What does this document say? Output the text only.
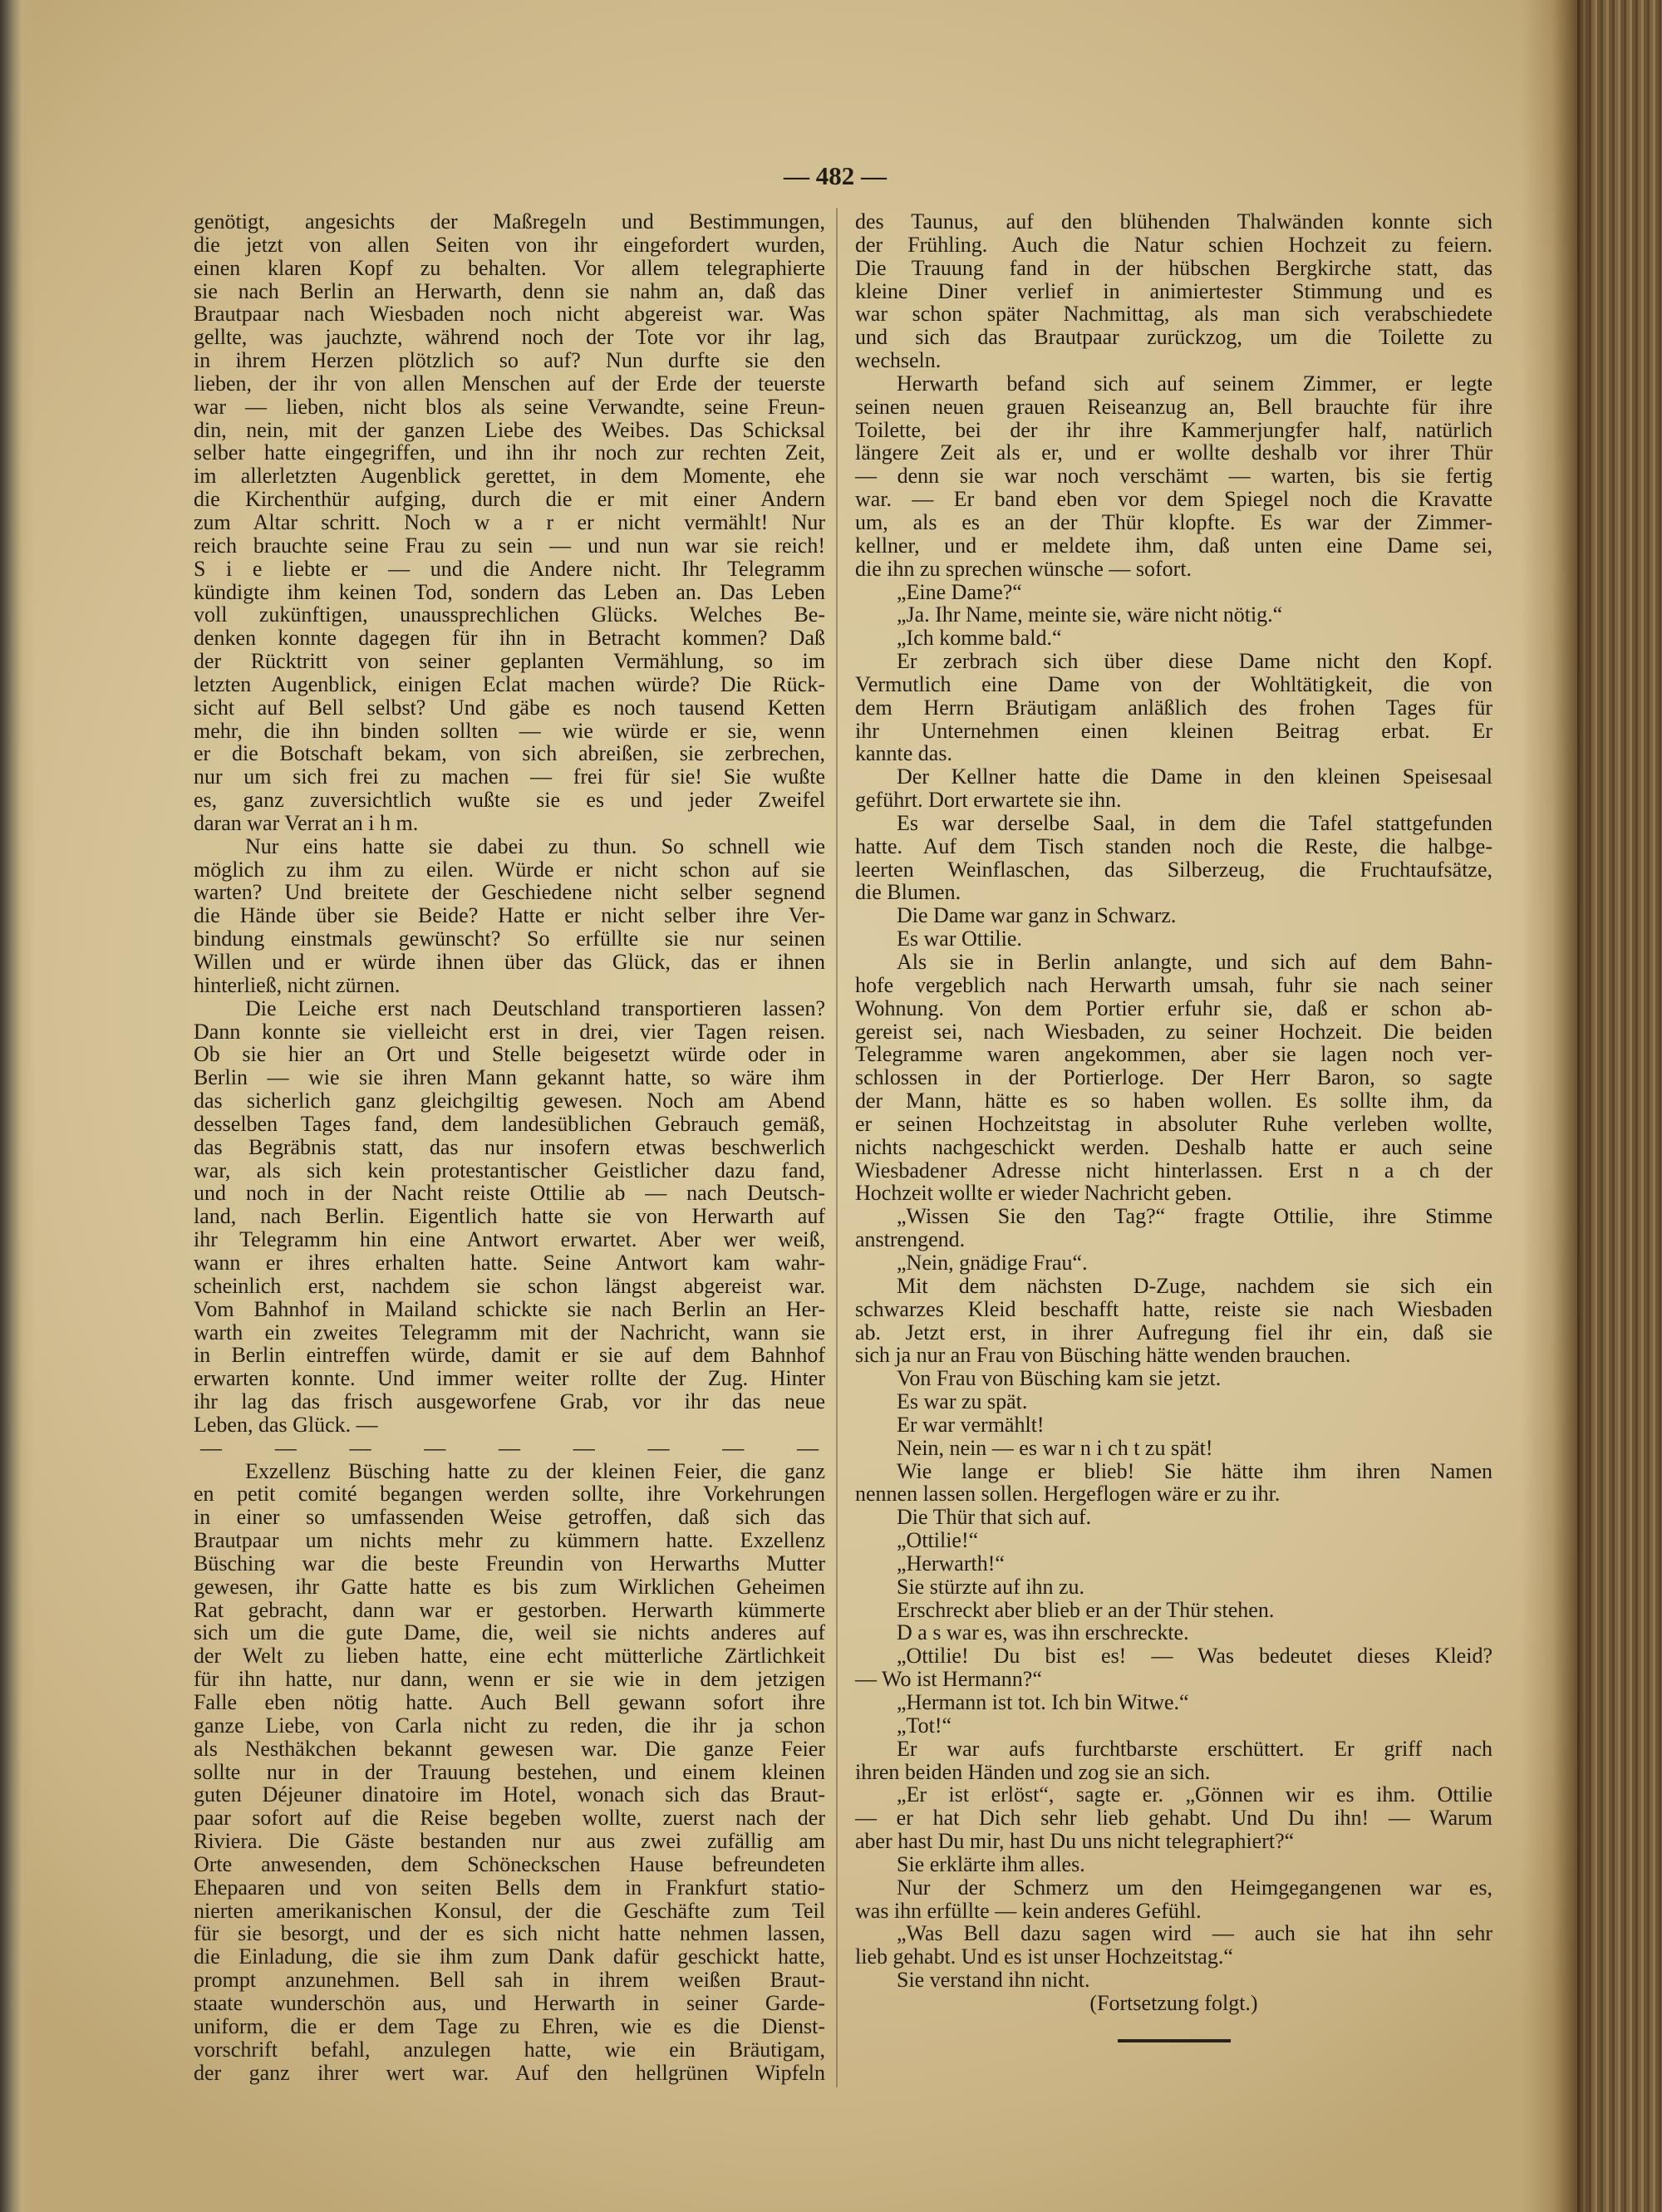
— 482 —
genötigt, angesichts der Maßregeln und Bestimmungen,
die jetzt von allen Seiten von ihr eingefordert wurden,
einen klaren Kopf zu behalten. Vor allem telegraphierte
sie nach Berlin an Herwarth, denn sie nahm an, daß das
Brautpaar nach Wiesbaden noch nicht abgereist war. Was
gellte, was jauchzte, während noch der Tote vor ihr lag,
in ihrem Herzen plötzlich so auf? Nun durfte sie den
lieben, der ihr von allen Menschen auf der Erde der teuerste
war — lieben, nicht blos als seine Verwandte, seine Freun-
din, nein, mit der ganzen Liebe des Weibes. Das Schicksal
selber hatte eingegriffen, und ihn ihr noch zur rechten Zeit,
im allerletzten Augenblick gerettet, in dem Momente, ehe
die Kirchenthür aufging, durch die er mit einer Andern
zum Altar schritt. Noch w a r er nicht vermählt! Nur
reich brauchte seine Frau zu sein — und nun war sie reich!
S i e liebte er — und die Andere nicht. Ihr Telegramm
kündigte ihm keinen Tod, sondern das Leben an. Das Leben
voll zukünftigen, unaussprechlichen Glücks. Welches Be-
denken konnte dagegen für ihn in Betracht kommen? Daß
der Rücktritt von seiner geplanten Vermählung, so im
letzten Augenblick, einigen Eclat machen würde? Die Rück-
sicht auf Bell selbst? Und gäbe es noch tausend Ketten
mehr, die ihn binden sollten — wie würde er sie, wenn
er die Botschaft bekam, von sich abreißen, sie zerbrechen,
nur um sich frei zu machen — frei für sie! Sie wußte
es, ganz zuversichtlich wußte sie es und jeder Zweifel
daran war Verrat an i h m.
Nur eins hatte sie dabei zu thun. So schnell wie
möglich zu ihm zu eilen. Würde er nicht schon auf sie
warten? Und breitete der Geschiedene nicht selber segnend
die Hände über sie Beide? Hatte er nicht selber ihre Ver-
bindung einstmals gewünscht? So erfüllte sie nur seinen
Willen und er würde ihnen über das Glück, das er ihnen
hinterließ, nicht zürnen.
Die Leiche erst nach Deutschland transportieren lassen?
Dann konnte sie vielleicht erst in drei, vier Tagen reisen.
Ob sie hier an Ort und Stelle beigesetzt würde oder in
Berlin — wie sie ihren Mann gekannt hatte, so wäre ihm
das sicherlich ganz gleichgiltig gewesen. Noch am Abend
desselben Tages fand, dem landesüblichen Gebrauch gemäß,
das Begräbnis statt, das nur insofern etwas beschwerlich
war, als sich kein protestantischer Geistlicher dazu fand,
und noch in der Nacht reiste Ottilie ab — nach Deutsch-
land, nach Berlin. Eigentlich hatte sie von Herwarth auf
ihr Telegramm hin eine Antwort erwartet. Aber wer weiß,
wann er ihres erhalten hatte. Seine Antwort kam wahr-
scheinlich erst, nachdem sie schon längst abgereist war.
Vom Bahnhof in Mailand schickte sie nach Berlin an Her-
warth ein zweites Telegramm mit der Nachricht, wann sie
in Berlin eintreffen würde, damit er sie auf dem Bahnhof
erwarten konnte. Und immer weiter rollte der Zug. Hinter
ihr lag das frisch ausgeworfene Grab, vor ihr das neue
Leben, das Glück. —
— — — — — — — — —
Exzellenz Büsching hatte zu der kleinen Feier, die ganz
en petit comité begangen werden sollte, ihre Vorkehrungen
in einer so umfassenden Weise getroffen, daß sich das
Brautpaar um nichts mehr zu kümmern hatte. Exzellenz
Büsching war die beste Freundin von Herwarths Mutter
gewesen, ihr Gatte hatte es bis zum Wirklichen Geheimen
Rat gebracht, dann war er gestorben. Herwarth kümmerte
sich um die gute Dame, die, weil sie nichts anderes auf
der Welt zu lieben hatte, eine echt mütterliche Zärtlichkeit
für ihn hatte, nur dann, wenn er sie wie in dem jetzigen
Falle eben nötig hatte. Auch Bell gewann sofort ihre
ganze Liebe, von Carla nicht zu reden, die ihr ja schon
als Nesthäkchen bekannt gewesen war. Die ganze Feier
sollte nur in der Trauung bestehen, und einem kleinen
guten Déjeuner dinatoire im Hotel, wonach sich das Braut-
paar sofort auf die Reise begeben wollte, zuerst nach der
Riviera. Die Gäste bestanden nur aus zwei zufällig am
Orte anwesenden, dem Schöneckschen Hause befreundeten
Ehepaaren und von seiten Bells dem in Frankfurt statio-
nierten amerikanischen Konsul, der die Geschäfte zum Teil
für sie besorgt, und der es sich nicht hatte nehmen lassen,
die Einladung, die sie ihm zum Dank dafür geschickt hatte,
prompt anzunehmen. Bell sah in ihrem weißen Braut-
staate wunderschön aus, und Herwarth in seiner Garde-
uniform, die er dem Tage zu Ehren, wie es die Dienst-
vorschrift befahl, anzulegen hatte, wie ein Bräutigam,
der ganz ihrer wert war. Auf den hellgrünen Wipfeln
des Taunus, auf den blühenden Thalwänden konnte sich
der Frühling. Auch die Natur schien Hochzeit zu feiern.
Die Trauung fand in der hübschen Bergkirche statt, das
kleine Diner verlief in animiertester Stimmung und es
war schon später Nachmittag, als man sich verabschiedete
und sich das Brautpaar zurückzog, um die Toilette zu
wechseln.
Herwarth befand sich auf seinem Zimmer, er legte
seinen neuen grauen Reiseanzug an, Bell brauchte für ihre
Toilette, bei der ihr ihre Kammerjungfer half, natürlich
längere Zeit als er, und er wollte deshalb vor ihrer Thür
— denn sie war noch verschämt — warten, bis sie fertig
war. — Er band eben vor dem Spiegel noch die Kravatte
um, als es an der Thür klopfte. Es war der Zimmer-
kellner, und er meldete ihm, daß unten eine Dame sei,
die ihn zu sprechen wünsche — sofort.
„Eine Dame?“
„Ja. Ihr Name, meinte sie, wäre nicht nötig.“
„Ich komme bald.“
Er zerbrach sich über diese Dame nicht den Kopf.
Vermutlich eine Dame von der Wohltätigkeit, die von
dem Herrn Bräutigam anläßlich des frohen Tages für
ihr Unternehmen einen kleinen Beitrag erbat. Er
kannte das.
Der Kellner hatte die Dame in den kleinen Speisesaal
geführt. Dort erwartete sie ihn.
Es war derselbe Saal, in dem die Tafel stattgefunden
hatte. Auf dem Tisch standen noch die Reste, die halbge-
leerten Weinflaschen, das Silberzeug, die Fruchtaufsätze,
die Blumen.
Die Dame war ganz in Schwarz.
Es war Ottilie.
Als sie in Berlin anlangte, und sich auf dem Bahn-
hofe vergeblich nach Herwarth umsah, fuhr sie nach seiner
Wohnung. Von dem Portier erfuhr sie, daß er schon ab-
gereist sei, nach Wiesbaden, zu seiner Hochzeit. Die beiden
Telegramme waren angekommen, aber sie lagen noch ver-
schlossen in der Portierloge. Der Herr Baron, so sagte
der Mann, hätte es so haben wollen. Es sollte ihm, da
er seinen Hochzeitstag in absoluter Ruhe verleben wollte,
nichts nachgeschickt werden. Deshalb hatte er auch seine
Wiesbadener Adresse nicht hinterlassen. Erst n a ch der
Hochzeit wollte er wieder Nachricht geben.
„Wissen Sie den Tag?“ fragte Ottilie, ihre Stimme
anstrengend.
„Nein, gnädige Frau“.
Mit dem nächsten D-Zuge, nachdem sie sich ein
schwarzes Kleid beschafft hatte, reiste sie nach Wiesbaden
ab. Jetzt erst, in ihrer Aufregung fiel ihr ein, daß sie
sich ja nur an Frau von Büsching hätte wenden brauchen.
Von Frau von Büsching kam sie jetzt.
Es war zu spät.
Er war vermählt!
Nein, nein — es war n i ch t zu spät!
Wie lange er blieb! Sie hätte ihm ihren Namen
nennen lassen sollen. Hergeflogen wäre er zu ihr.
Die Thür that sich auf.
„Ottilie!“
„Herwarth!“
Sie stürzte auf ihn zu.
Erschreckt aber blieb er an der Thür stehen.
D a s war es, was ihn erschreckte.
„Ottilie! Du bist es! — Was bedeutet dieses Kleid?
— Wo ist Hermann?“
„Hermann ist tot. Ich bin Witwe.“
„Tot!“
Er war aufs furchtbarste erschüttert. Er griff nach
ihren beiden Händen und zog sie an sich.
„Er ist erlöst“, sagte er. „Gönnen wir es ihm. Ottilie
— er hat Dich sehr lieb gehabt. Und Du ihn! — Warum
aber hast Du mir, hast Du uns nicht telegraphiert?“
Sie erklärte ihm alles.
Nur der Schmerz um den Heimgegangenen war es,
was ihn erfüllte — kein anderes Gefühl.
„Was Bell dazu sagen wird — auch sie hat ihn sehr
lieb gehabt. Und es ist unser Hochzeitstag.“
Sie verstand ihn nicht.
(Fortsetzung folgt.)
